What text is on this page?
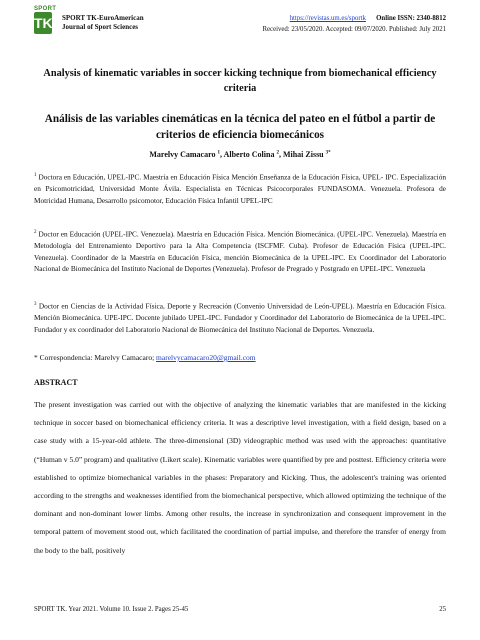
SPORT
TK SPORT TK-EuroAmerican
Journal of Sport Sciences
https://revistas.um.es/sportk Online ISSN: 2340-8812
Received: 23/05/2020. Accepted: 09/07/2020. Published: July 2021
Analysis of kinematic variables in soccer kicking technique from biomechanical efficiency criteria
Análisis de las variables cinemáticas en la técnica del pateo en el fútbol a partir de criterios de eficiencia biomecánicos
Marelvy Camacaro $^1$, Alberto Colina $^2$, Mihai Zissu $^{3*}$
$^1$ Doctora en Educación, UPEL-IPC. Maestría en Educación Física Mención Enseñanza de la Educación Física, UPEL- IPC. Especialización en Psicomotricidad, Universidad Monte Ávila. Especialista en Técnicas Psicocorporales FUNDASOMA. Venezuela. Profesora de Motricidad Humana, Desarrollo psicomotor, Educación Física Infantil UPEL-IPC
$^2$ Doctor en Educación (UPEL-IPC. Venezuela). Maestría en Educación Física. Mención Biomecánica. (UPEL-IPC. Venezuela). Maestría en Metodología del Entrenamiento Deportivo para la Alta Competencia (ISCFMF. Cuba). Profesor de Educación Física (UPEL-IPC. Venezuela). Coordinador de la Maestría en Educación Física, mención Biomecánica de la UPEL-IPC. Ex Coordinador del Laboratorio Nacional de Biomecánica del Instituto Nacional de Deportes (Venezuela). Profesor de Pregrado y Postgrado en UPEL-IPC. Venezuela
$^3$ Doctor en Ciencias de la Actividad Física, Deporte y Recreación (Convenio Universidad de León-UPEL). Maestría en Educación Física. Mención Biomecánica. UPE-IPC. Docente jubilado UPEL-IPC. Fundador y Coordinador del Laboratorio de Biomecánica de la UPEL-IPC. Fundador y ex coordinador del Laboratorio Nacional de Biomecánica del Instituto Nacional de Deportes. Venezuela.
* Correspondencia: Marelvy Camacaro; marelvycamacaro20@gmail.com
ABSTRACT
The present investigation was carried out with the objective of analyzing the kinematic variables that are manifested in the kicking technique in soccer based on biomechanical efficiency criteria. It was a descriptive level investigation, with a field design, based on a case study with a 15-year-old athlete. The three-dimensional (3D) videographic method was used with the approaches: quantitative (“Human v 5.0” program) and qualitative (Likert scale). Kinematic variables were quantified by pre and posttest. Efficiency criteria were established to optimize biomechanical variables in the phases: Preparatory and Kicking. Thus, the adolescent's training was oriented according to the strengths and weaknesses identified from the biomechanical perspective, which allowed optimizing the technique of the dominant and non-dominant lower limbs. Among other results, the increase in synchronization and consequent improvement in the temporal pattern of movement stood out, which facilitated the coordination of partial impulse, and therefore the transfer of energy from the body to the ball, positively
SPORT TK. Year 2021. Volume 10. Issue 2. Pages 25-45	25
